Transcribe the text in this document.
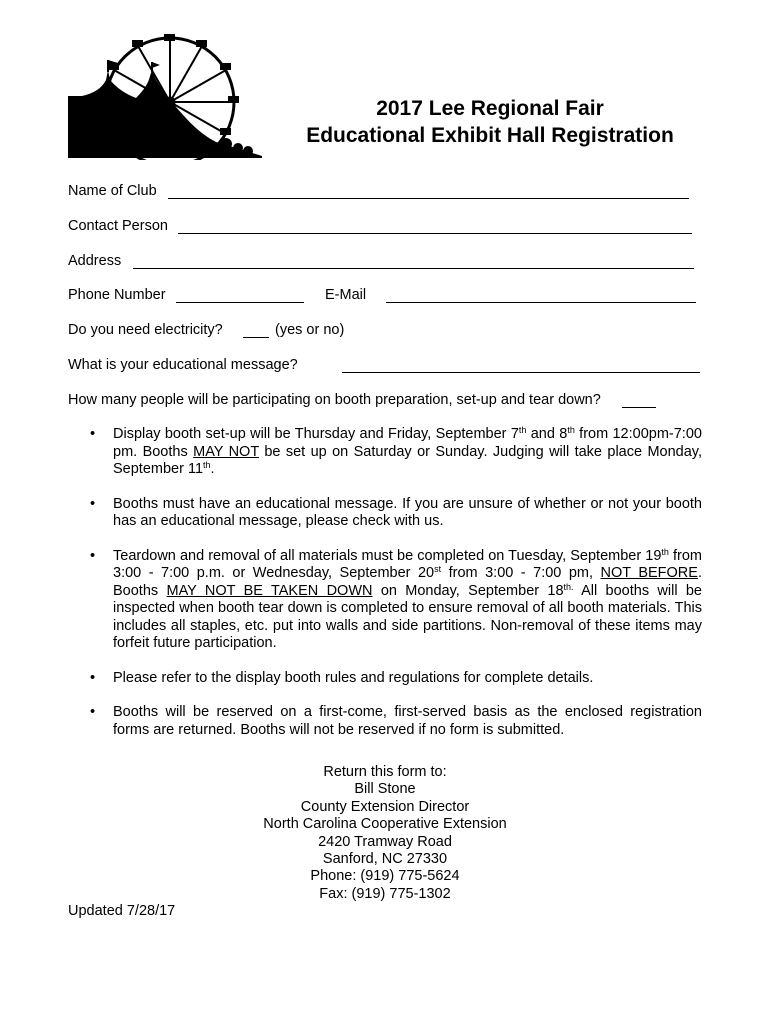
2017 Lee Regional Fair
Educational Exhibit Hall Registration
Name of Club
Contact Person
Address
Phone Number	E-Mail
Do you need electricity?	(yes or no)
What is your educational message?
How many people will be participating on booth preparation, set-up and tear down?
• Display booth set-up will be Thursday and Friday, September 7th and 8th from 12:00pm-7:00 pm. Booths MAY NOT be set up on Saturday or Sunday. Judging will take place Monday, September 11th.
• Booths must have an educational message. If you are unsure of whether or not your booth has an educational message, please check with us.
• Teardown and removal of all materials must be completed on Tuesday, September 19th from 3:00 - 7:00 p.m. or Wednesday, September 20st from 3:00 - 7:00 pm, NOT BEFORE. Booths MAY NOT BE TAKEN DOWN on Monday, September $18^{th.}$ All booths will be inspected when booth tear down is completed to ensure removal of all booth materials. This includes all staples, etc. put into walls and side partitions. Non-removal of these items may forfeit future participation.
• Please refer to the display booth rules and regulations for complete details.
• Booths will be reserved on a first-come, first-served basis as the enclosed registration forms are returned. Booths will not be reserved if no form is submitted.
Return this form to:
Bill Stone
County Extension Director
North Carolina Cooperative Extension
2420 Tramway Road
Sanford, NC 27330
Phone: (919) 775-5624
Fax: (919) 775-1302
Updated 7/28/17
